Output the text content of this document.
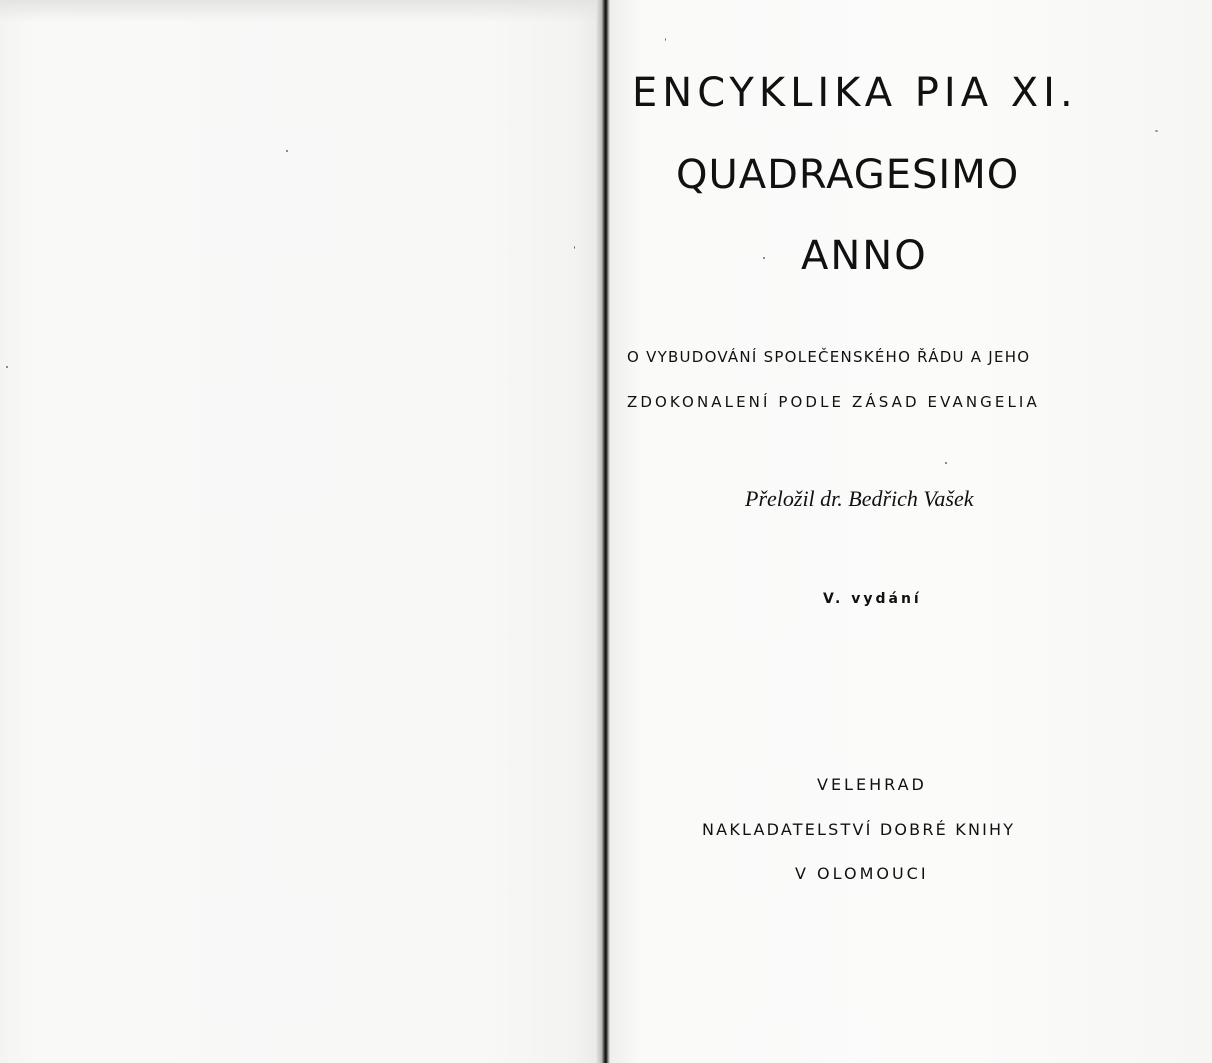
ENCYKLIKA PIA XI.

QUADRAGESIMO

ANNO

O VYBUDOVÁNÍ SPOLEČENSKÉHO ŘÁDU A JEHO

ZDOKONALENÍ PODLE ZÁSAD EVANGELIA

Přeložil dr. Bedřich Vašek

V. vydání

VELEHRAD

NAKLADATELSTVÍ DOBRÉ KNIHY

V OLOMOUCI
